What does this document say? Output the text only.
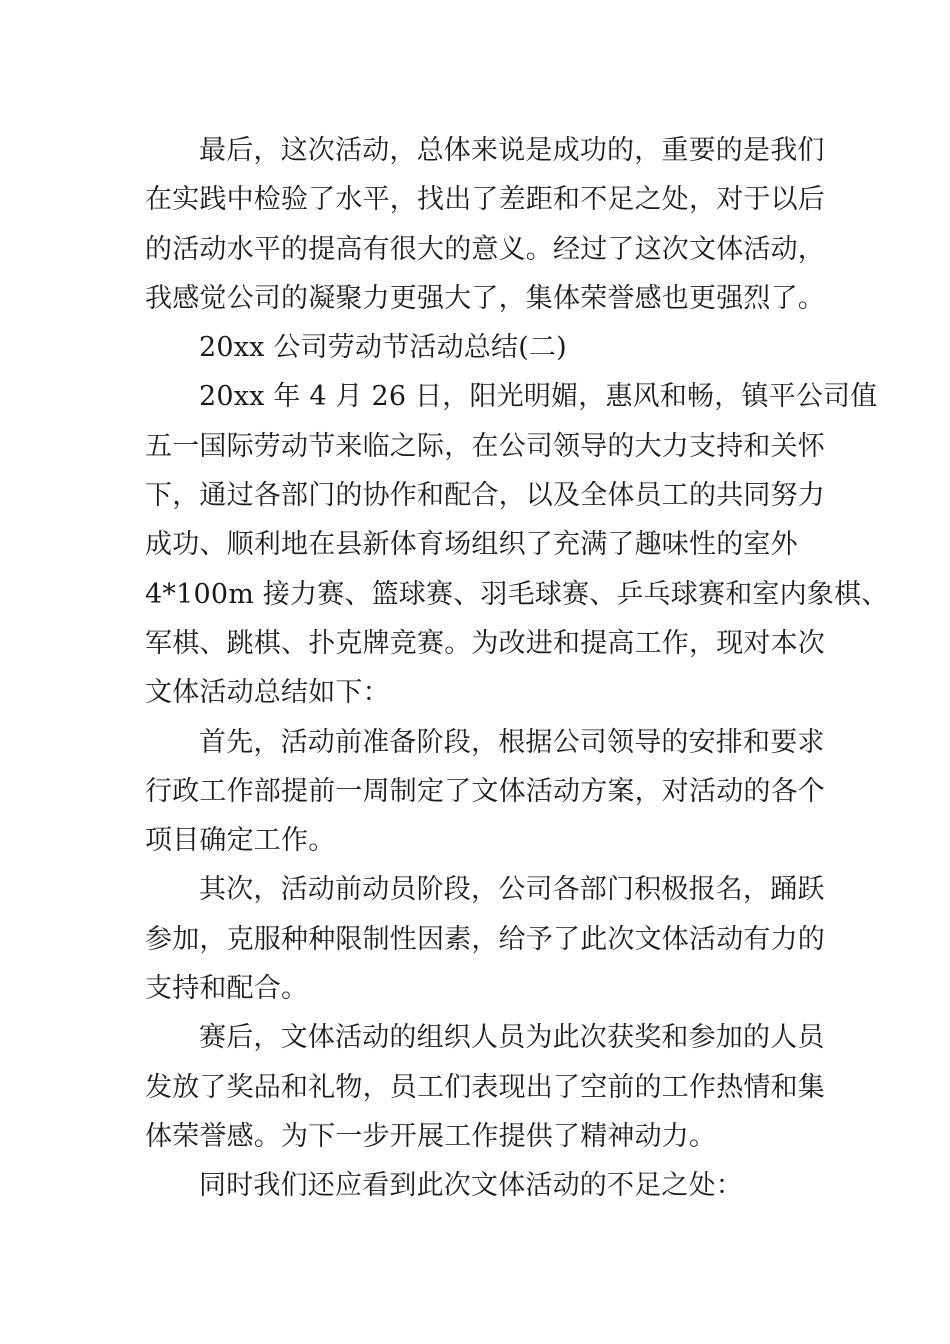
最后，这次活动，总体来说是成功的，重要的是我们
在实践中检验了水平，找出了差距和不足之处，对于以后
的活动水平的提高有很大的意义。经过了这次文体活动，
我感觉公司的凝聚力更强大了，集体荣誉感也更强烈了。
20xx 公司劳动节活动总结(二)
20xx 年 4 月 26 日，阳光明媚，惠风和畅，镇平公司值
五一国际劳动节来临之际，在公司领导的大力支持和关怀
下，通过各部门的协作和配合，以及全体员工的共同努力
成功、顺利地在县新体育场组织了充满了趣味性的室外
4*100m 接力赛、篮球赛、羽毛球赛、乒乓球赛和室内象棋、
军棋、跳棋、扑克牌竞赛。为改进和提高工作，现对本次
文体活动总结如下：
首先，活动前准备阶段，根据公司领导的安排和要求
行政工作部提前一周制定了文体活动方案，对活动的各个
项目确定工作。
其次，活动前动员阶段，公司各部门积极报名，踊跃
参加，克服种种限制性因素，给予了此次文体活动有力的
支持和配合。
赛后，文体活动的组织人员为此次获奖和参加的人员
发放了奖品和礼物，员工们表现出了空前的工作热情和集
体荣誉感。为下一步开展工作提供了精神动力。
同时我们还应看到此次文体活动的不足之处：
